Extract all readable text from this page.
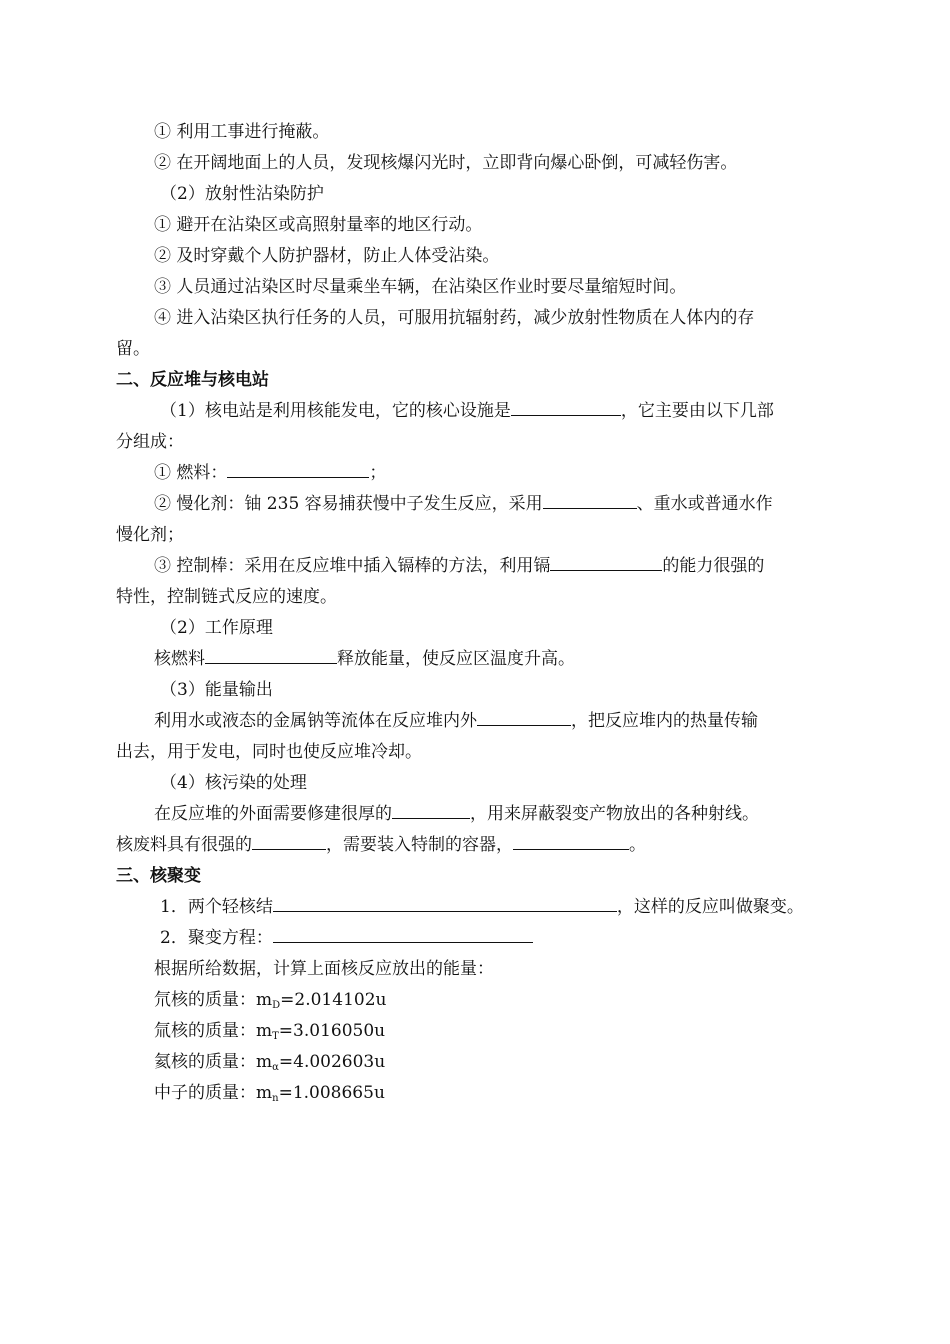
① 利用工事进行掩蔽。
② 在开阔地面上的人员，发现核爆闪光时，立即背向爆心卧倒，可减轻伤害。
（2）放射性沾染防护
① 避开在沾染区或高照射量率的地区行动。
② 及时穿戴个人防护器材，防止人体受沾染。
③ 人员通过沾染区时尽量乘坐车辆，在沾染区作业时要尽量缩短时间。
④ 进入沾染区执行任务的人员，可服用抗辐射药，减少放射性物质在人体内的存
留。
二、反应堆与核电站
（1）核电站是利用核能发电，它的核心设施是	，它主要由以下几部
分组成：
① 燃料：	；
② 慢化剂：铀 235 容易捕获慢中子发生反应，采用	、重水或普通水作
慢化剂；
③ 控制棒：采用在反应堆中插入镉棒的方法，利用镉	的能力很强的
特性，控制链式反应的速度。
（2）工作原理
核燃料	释放能量，使反应区温度升高。
（3）能量输出
利用水或液态的金属钠等流体在反应堆内外	，把反应堆内的热量传输
出去，用于发电，同时也使反应堆冷却。
（4）核污染的处理
在反应堆的外面需要修建很厚的	，用来屏蔽裂变产物放出的各种射线。
核废料具有很强的	，需要装入特制的容器，	。
三、核聚变
1．两个轻核结	，这样的反应叫做聚变。
2．聚变方程：
根据所给数据，计算上面核反应放出的能量：
氘核的质量：$m_D=2.014102u$
氚核的质量：$m_T=3.016050u$
氦核的质量：$m_\alpha=4.002603u$
中子的质量：$m_n=1.008665u$
